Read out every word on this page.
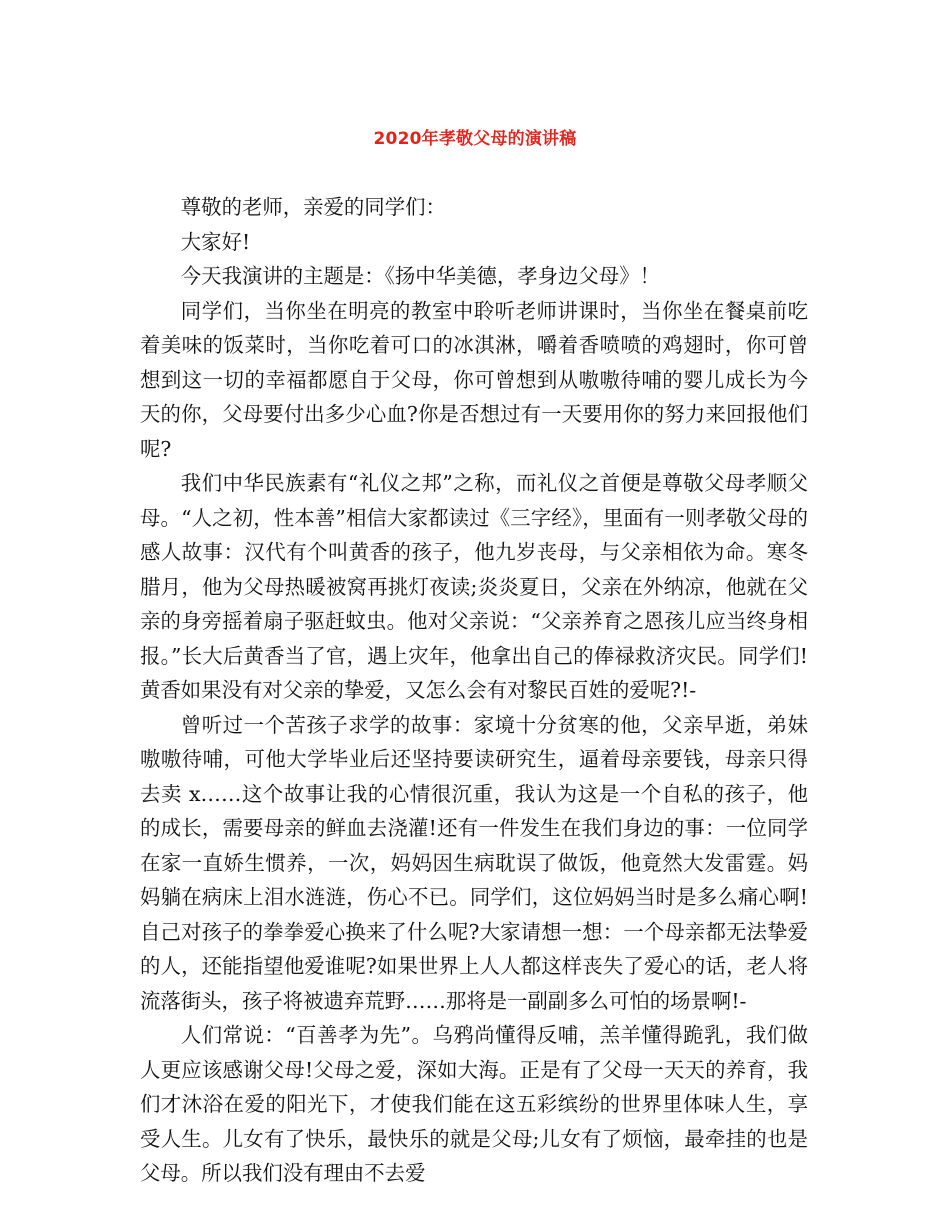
2020年孝敬父母的演讲稿

尊敬的老师，亲爱的同学们：

大家好!

今天我演讲的主题是：《扬中华美德，孝身边父母》！

同学们，当你坐在明亮的教室中聆听老师讲课时，当你坐在餐桌前吃着美味的饭菜时，当你吃着可口的冰淇淋，嚼着香喷喷的鸡翅时，你可曾想到这一切的幸福都愿自于父母，你可曾想到从嗷嗷待哺的婴儿成长为今天的你，父母要付出多少心血?你是否想过有一天要用你的努力来回报他们呢?

我们中华民族素有“礼仪之邦”之称，而礼仪之首便是尊敬父母孝顺父母。“人之初，性本善”相信大家都读过《三字经》，里面有一则孝敬父母的感人故事：汉代有个叫黄香的孩子，他九岁丧母，与父亲相依为命。寒冬腊月，他为父母热暖被窝再挑灯夜读;炎炎夏日，父亲在外纳凉，他就在父亲的身旁摇着扇子驱赶蚊虫。他对父亲说：“父亲养育之恩孩儿应当终身相报。”长大后黄香当了官，遇上灾年，他拿出自己的俸禄救济灾民。同学们!黄香如果没有对父亲的挚爱，又怎么会有对黎民百姓的爱呢?!-

曾听过一个苦孩子求学的故事：家境十分贫寒的他，父亲早逝，弟妹嗷嗷待哺，可他大学毕业后还坚持要读研究生，逼着母亲要钱，母亲只得去卖 x……这个故事让我的心情很沉重，我认为这是一个自私的孩子，他的成长，需要母亲的鲜血去浇灌!还有一件发生在我们身边的事：一位同学在家一直娇生惯养，一次，妈妈因生病耽误了做饭，他竟然大发雷霆。妈妈躺在病床上泪水涟涟，伤心不已。同学们，这位妈妈当时是多么痛心啊!自己对孩子的拳拳爱心换来了什么呢?大家请想一想：一个母亲都无法挚爱的人，还能指望他爱谁呢?如果世界上人人都这样丧失了爱心的话，老人将流落街头，孩子将被遗弃荒野……那将是一副副多么可怕的场景啊!-

人们常说：“百善孝为先”。乌鸦尚懂得反哺，羔羊懂得跪乳，我们做人更应该感谢父母!父母之爱，深如大海。正是有了父母一天天的养育，我们才沐浴在爱的阳光下，才使我们能在这五彩缤纷的世界里体味人生，享受人生。儿女有了快乐，最快乐的就是父母;儿女有了烦恼，最牵挂的也是父母。所以我们没有理由不去爱
